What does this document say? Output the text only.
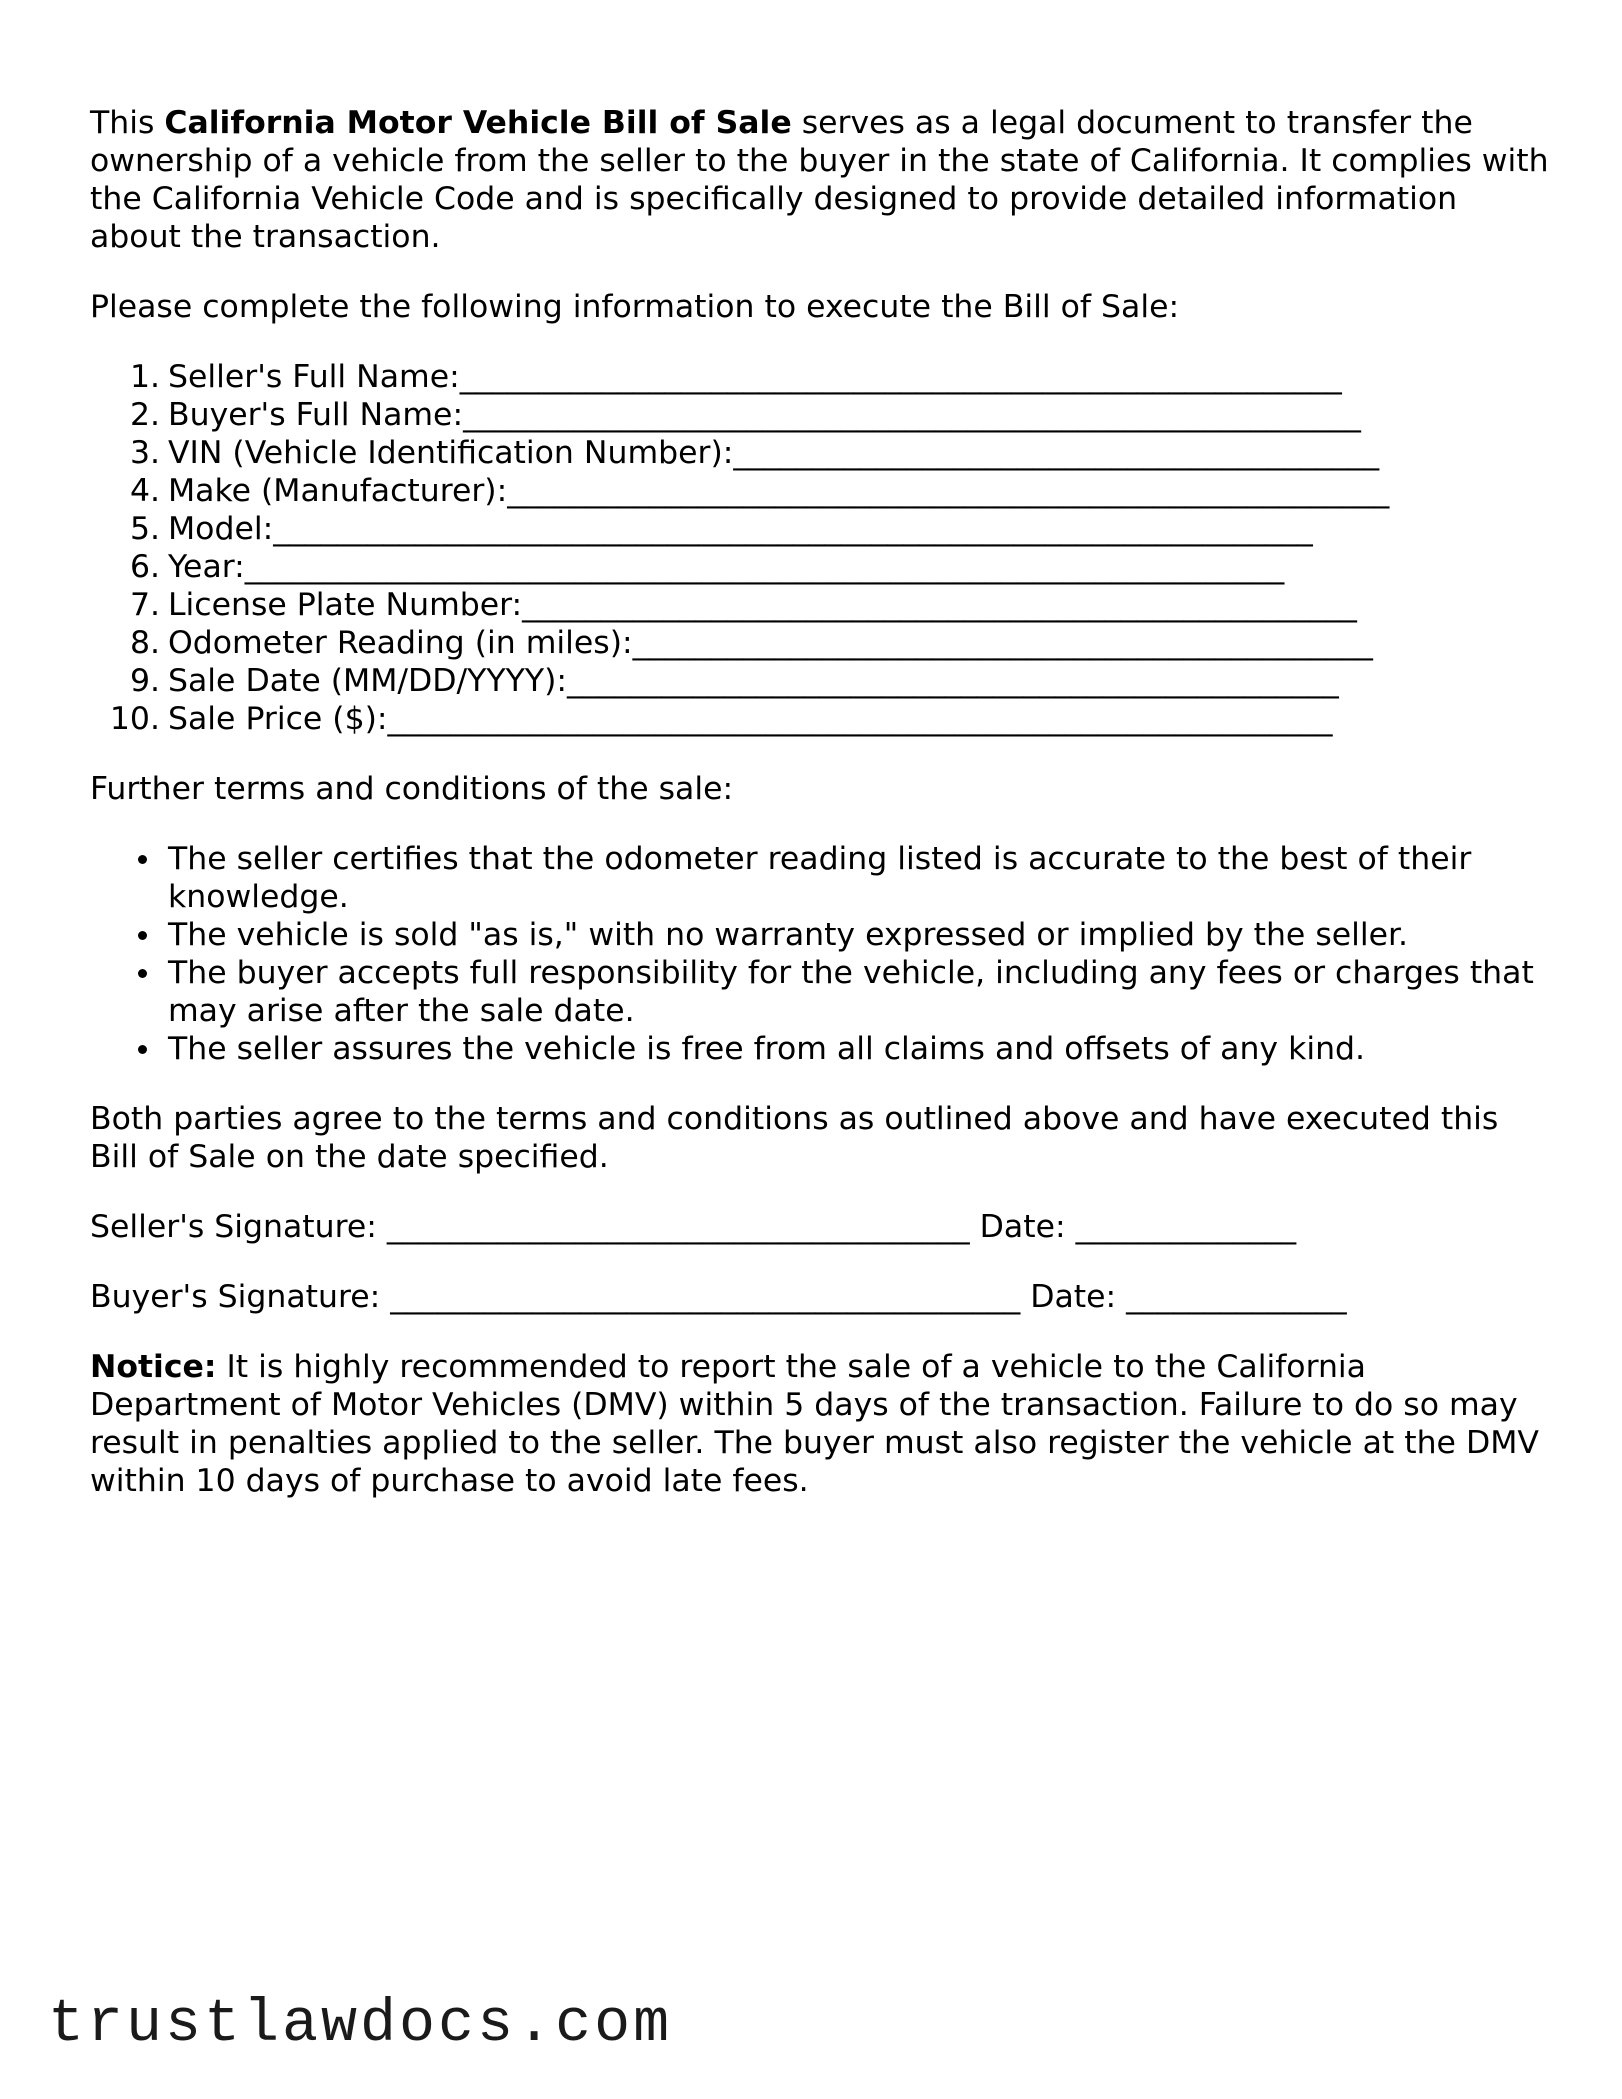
This California Motor Vehicle Bill of Sale serves as a legal document to transfer the ownership of a vehicle from the seller to the buyer in the state of California. It complies with the California Vehicle Code and is specifically designed to provide detailed information about the transaction.

Please complete the following information to execute the Bill of Sale:

1. Seller's Full Name: ________________________________________________________
2. Buyer's Full Name: _________________________________________________________
3. VIN (Vehicle Identification Number): _________________________________________
4. Make (Manufacturer): ________________________________________________________
5. Model: __________________________________________________________________
6. Year: __________________________________________________________________
7. License Plate Number: _____________________________________________________
8. Odometer Reading (in miles): _______________________________________________
9. Sale Date (MM/DD/YYYY): _________________________________________________
10. Sale Price ($): ____________________________________________________________

Further terms and conditions of the sale:

The seller certifies that the odometer reading listed is accurate to the best of their knowledge.
The vehicle is sold "as is," with no warranty expressed or implied by the seller.
The buyer accepts full responsibility for the vehicle, including any fees or charges that may arise after the sale date.
The seller assures the vehicle is free from all claims and offsets of any kind.

Both parties agree to the terms and conditions as outlined above and have executed this Bill of Sale on the date specified.

Seller's Signature: _____________________________________ Date: ______________

Buyer's Signature: ________________________________________ Date: ______________

Notice: It is highly recommended to report the sale of a vehicle to the California Department of Motor Vehicles (DMV) within 5 days of the transaction. Failure to do so may result in penalties applied to the seller. The buyer must also register the vehicle at the DMV within 10 days of purchase to avoid late fees.

trustlawdocs.com
